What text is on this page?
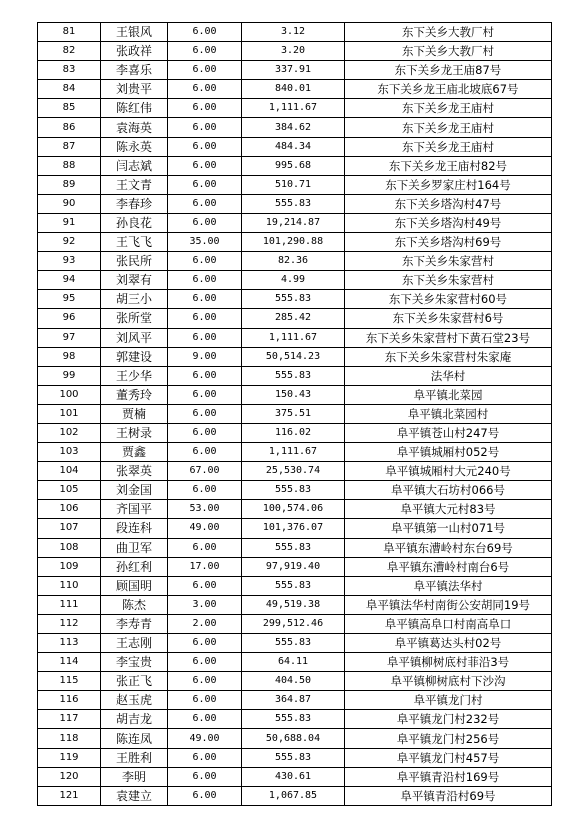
81	王银风	6.00	3.12	东下关乡大教厂村
82	张政祥	6.00	3.20	东下关乡大教厂村
83	李喜乐	6.00	337.91	东下关乡龙王庙87号
84	刘贵平	6.00	840.01	东下关乡龙王庙北坡底67号
85	陈红伟	6.00	1,111.67	东下关乡龙王庙村
86	袁海英	6.00	384.62	东下关乡龙王庙村
87	陈永英	6.00	484.34	东下关乡龙王庙村
88	闫志斌	6.00	995.68	东下关乡龙王庙村82号
89	王文青	6.00	510.71	东下关乡罗家庄村164号
90	李春珍	6.00	555.83	东下关乡塔沟村47号
91	孙良花	6.00	19,214.87	东下关乡塔沟村49号
92	王飞飞	35.00	101,290.88	东下关乡塔沟村69号
93	张民所	6.00	82.36	东下关乡朱家营村
94	刘翠有	6.00	4.99	东下关乡朱家营村
95	胡三小	6.00	555.83	东下关乡朱家营村60号
96	张所堂	6.00	285.42	东下关乡朱家营村6号
97	刘风平	6.00	1,111.67	东下关乡朱家营村下黄石堂23号
98	郭建设	9.00	50,514.23	东下关乡朱家营村朱家庵
99	王少华	6.00	555.83	法华村
100	董秀玲	6.00	150.43	阜平镇北菜园
101	贾楠	6.00	375.51	阜平镇北菜园村
102	王树录	6.00	116.02	阜平镇苍山村247号
103	贾鑫	6.00	1,111.67	阜平镇城厢村052号
104	张翠英	67.00	25,530.74	阜平镇城厢村大元240号
105	刘金国	6.00	555.83	阜平镇大石坊村066号
106	齐国平	53.00	100,574.06	阜平镇大元村83号
107	段连科	49.00	101,376.07	阜平镇第一山村071号
108	曲卫军	6.00	555.83	阜平镇东漕岭村东台69号
109	孙红利	17.00	97,919.40	阜平镇东漕岭村南台6号
110	顾国明	6.00	555.83	阜平镇法华村
111	陈杰	3.00	49,519.38	阜平镇法华村南街公安胡同19号
112	李寿青	2.00	299,512.46	阜平镇高阜口村南高阜口
113	王志刚	6.00	555.83	阜平镇葛达头村02号
114	李宝贵	6.00	64.11	阜平镇柳树底村菲沿3号
115	张正飞	6.00	404.50	阜平镇柳树底村下沙沟
116	赵玉虎	6.00	364.87	阜平镇龙门村
117	胡吉龙	6.00	555.83	阜平镇龙门村232号
118	陈连凤	49.00	50,688.04	阜平镇龙门村256号
119	王胜利	6.00	555.83	阜平镇龙门村457号
120	李明	6.00	430.61	阜平镇青沿村169号
121	袁建立	6.00	1,067.85	阜平镇青沿村69号
